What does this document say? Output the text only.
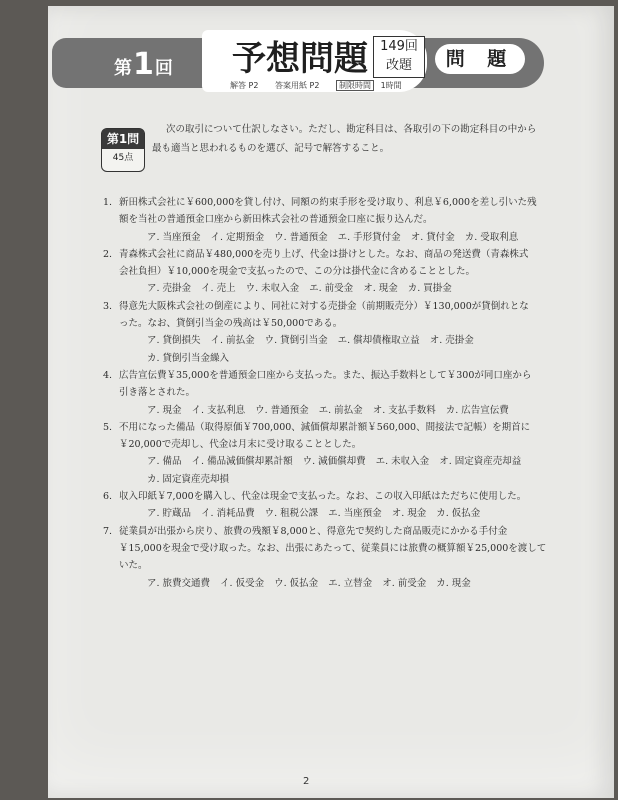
第1回 予想問題 149回
改題	問 題
解答 P2 答案用紙 P2 制限時間 1時間
第1問
45点

次の取引について仕訳しなさい。ただし、勘定科目は、各取引の下の勘定科目の中から

最も適当と思われるものを選び、記号で解答すること。

1. 新田株式会社に￥600,000を貸し付け、同額の約束手形を受け取り、利息￥6,000を差し引いた残
額を当社の普通預金口座から新田株式会社の普通預金口座に振り込んだ。
ア. 当座預金 イ. 定期預金 ウ. 普通預金 エ. 手形貸付金 オ. 貸付金 カ. 受取利息
2. 青森株式会社に商品￥480,000を売り上げ、代金は掛けとした。なお、商品の発送費（青森株式
会社負担）￥10,000を現金で支払ったので、この分は掛代金に含めることとした。
ア. 売掛金 イ. 売上 ウ. 未収入金 エ. 前受金 オ. 現金 カ. 買掛金
3. 得意先大阪株式会社の倒産により、同社に対する売掛金（前期販売分）￥130,000が貸倒れとな
った。なお、貸倒引当金の残高は￥50,000である。
ア. 貸倒損失 イ. 前払金 ウ. 貸倒引当金 エ. 償却債権取立益 オ. 売掛金
カ. 貸倒引当金繰入
4. 広告宣伝費￥35,000を普通預金口座から支払った。また、振込手数料として￥300が同口座から
引き落とされた。
ア. 現金 イ. 支払利息 ウ. 普通預金 エ. 前払金 オ. 支払手数料 カ. 広告宣伝費
5. 不用になった備品（取得原価￥700,000、減価償却累計額￥560,000、間接法で記帳）を期首に
￥20,000で売却し、代金は月末に受け取ることとした。
ア. 備品 イ. 備品減価償却累計額 ウ. 減価償却費 エ. 未収入金 オ. 固定資産売却益
カ. 固定資産売却損
6. 収入印紙￥7,000を購入し、代金は現金で支払った。なお、この収入印紙はただちに使用した。
ア. 貯蔵品 イ. 消耗品費 ウ. 租税公課 エ. 当座預金 オ. 現金 カ. 仮払金
7. 従業員が出張から戻り、旅費の残額￥8,000と、得意先で契約した商品販売にかかる手付金
￥15,000を現金で受け取った。なお、出張にあたって、従業員には旅費の概算額￥25,000を渡して
いた。
ア. 旅費交通費 イ. 仮受金 ウ. 仮払金 エ. 立替金 オ. 前受金 カ. 現金
2
